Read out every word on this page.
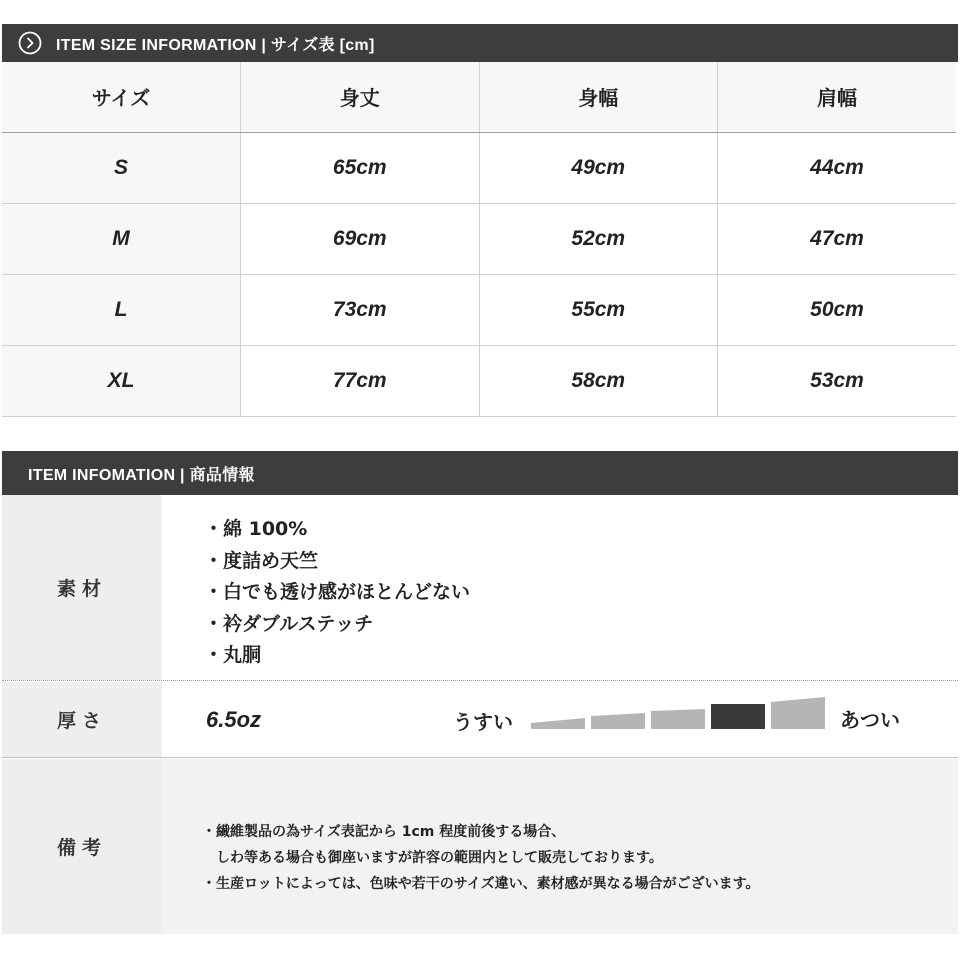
ITEM SIZE INFORMATION | サイズ表 [cm]
サイズ	身丈	身幅	肩幅
S	65cm	49cm	44cm
M	69cm	52cm	47cm
L	73cm	55cm	50cm
XL	77cm	58cm	53cm
ITEM INFOMATION | 商品情報
素材
・綿 100%
・度詰め天竺
・白でも透け感がほとんどない
・衿ダブルステッチ
・丸胴
厚さ	6.5oz	うすい	あつい
備考

・繊維製品の為サイズ表記から 1cm 程度前後する場合、

　しわ等ある場合も御座いますが許容の範囲内として販売しております。

・生産ロットによっては、色味や若干のサイズ違い、素材感が異なる場合がございます。
